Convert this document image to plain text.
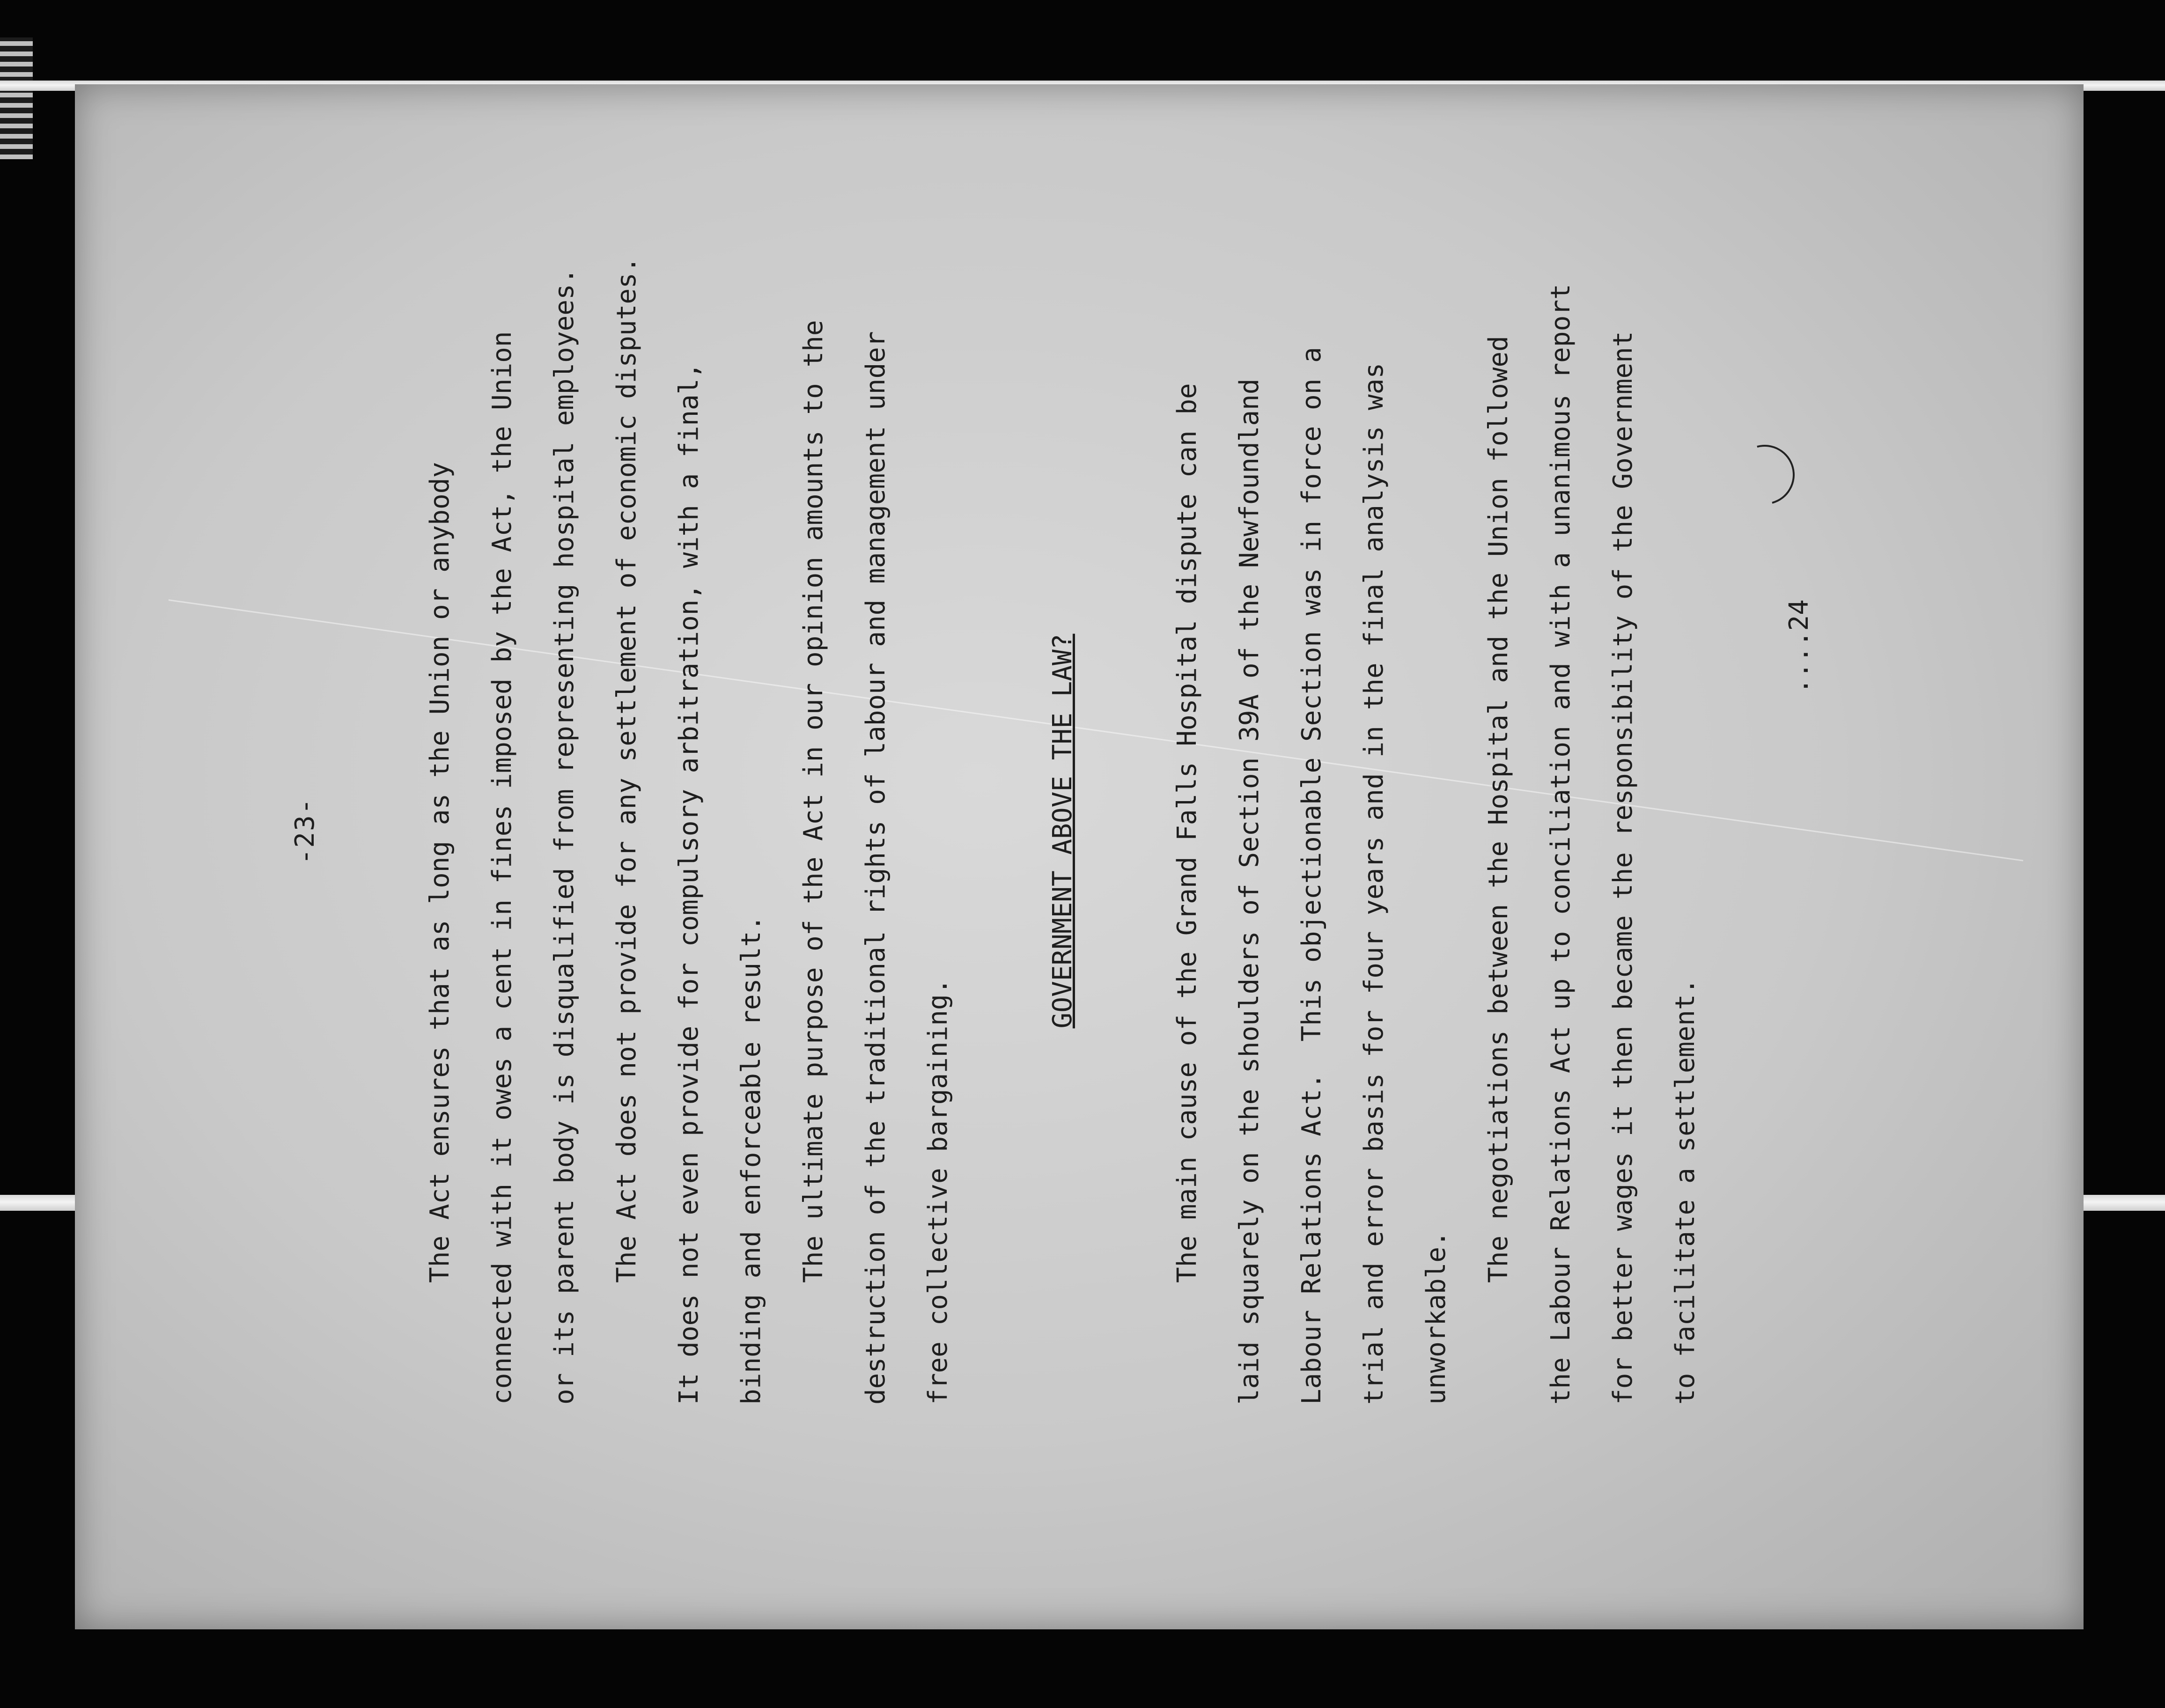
-23-	The Act ensures that as long as the Union or anybody	connected with it owes a cent in fines imposed by the Act, the Union	or its parent body is disqualified from representing hospital employees.	The Act does not provide for any settlement of economic disputes.	It does not even provide for compulsory arbitration, with a final,	binding and enforceable result.	The ultimate purpose of the Act in our opinion amounts to the	destruction of the traditional rights of labour and management under	free collective bargaining.
GOVERNMENT ABOVE THE LAW?	The main cause of the Grand Falls Hospital dispute can be	laid squarely on the shoulders of Section 39A of the Newfoundland	Labour Relations Act.  This objectionable Section was in force on a	trial and error basis for four years and in the final analysis was	unworkable.
The negotiations between the Hospital and the Union followed	the Labour Relations Act up to conciliation and with a unanimous report	for better wages it then became the responsibility of the Government	to facilitate a settlement.
....24
